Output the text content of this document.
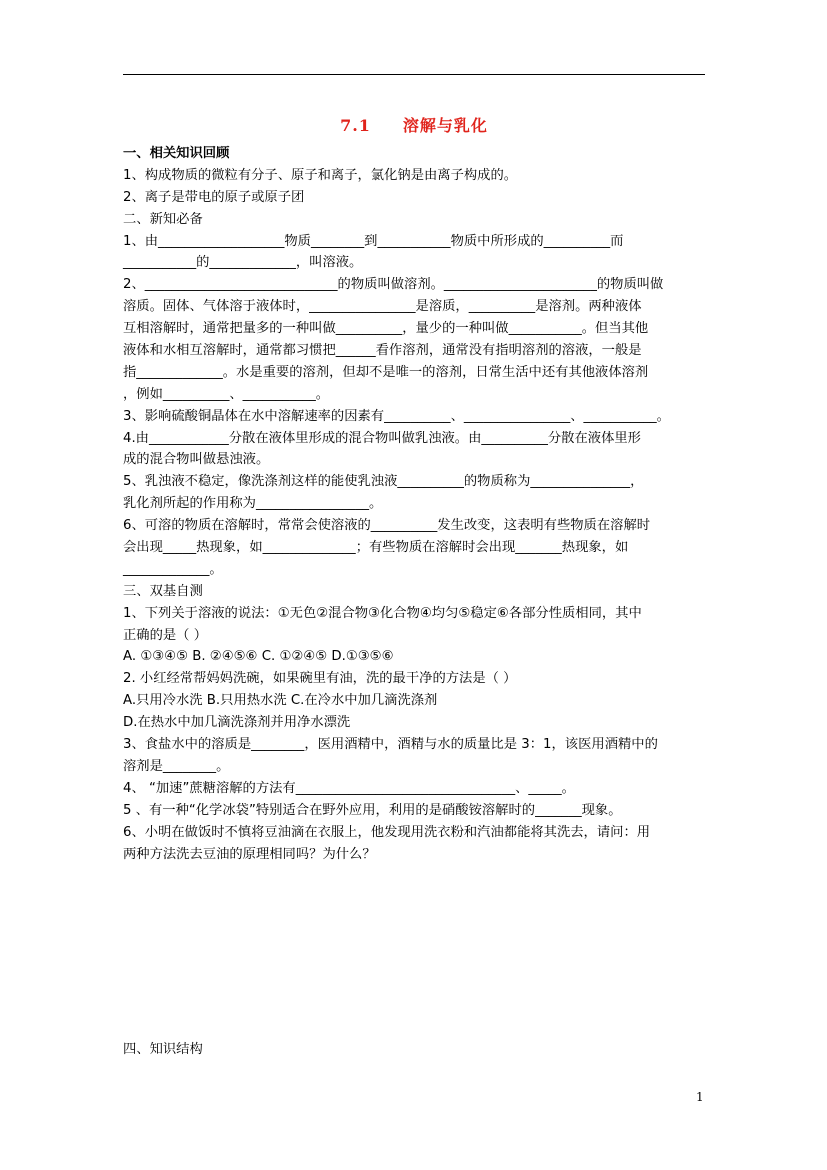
7.1 溶解与乳化
一、相关知识回顾
1、构成物质的微粒有分子、原子和离子，氯化钠是由离子构成的。
2、离子是带电的原子或原子团
二、新知必备
1、由___________________物质________到___________物质中所形成的__________而
___________的_____________，叫溶液。
2、_____________________________的物质叫做溶剂。_______________________的物质叫做
溶质。固体、气体溶于液体时，________________是溶质，__________是溶剂。两种液体
互相溶解时，通常把量多的一种叫做__________，量少的一种叫做___________。但当其他
液体和水相互溶解时，通常都习惯把______看作溶剂，通常没有指明溶剂的溶液，一般是
指_____________。水是重要的溶剂，但却不是唯一的溶剂，日常生活中还有其他液体溶剂
，例如__________、___________。
3、影响硫酸铜晶体在水中溶解速率的因素有__________、________________、___________。
4.由____________分散在液体里形成的混合物叫做乳浊液。由__________分散在液体里形
成的混合物叫做悬浊液。
5、乳浊液不稳定，像洗涤剂这样的能使乳浊液__________的物质称为_______________，
乳化剂所起的作用称为_________________。
6、可溶的物质在溶解时，常常会使溶液的__________发生改变，这表明有些物质在溶解时
会出现_____热现象，如______________；有些物质在溶解时会出现_______热现象，如
_____________。
三、双基自测
1、下列关于溶液的说法：①无色②混合物③化合物④均匀⑤稳定⑥各部分性质相同，其中
正确的是（ ）
A. ①③④⑤ B. ②④⑤⑥ C. ①②④⑤ D.①③⑤⑥
2. 小红经常帮妈妈洗碗，如果碗里有油，洗的最干净的方法是（ ）
A.只用冷水洗 B.只用热水洗 C.在冷水中加几滴洗涤剂
D.在热水中加几滴洗涤剂并用净水漂洗
3、食盐水中的溶质是________，医用酒精中，酒精与水的质量比是 3：1，该医用酒精中的
溶剂是________。
4、 “加速”蔗糖溶解的方法有_________________________________、_____。
5 、有一种“化学冰袋”特别适合在野外应用，利用的是硝酸铵溶解时的_______现象。
6、小明在做饭时不慎将豆油滴在衣服上，他发现用洗衣粉和汽油都能将其洗去，请问：用
两种方法洗去豆油的原理相同吗？为什么？
四、知识结构
1
